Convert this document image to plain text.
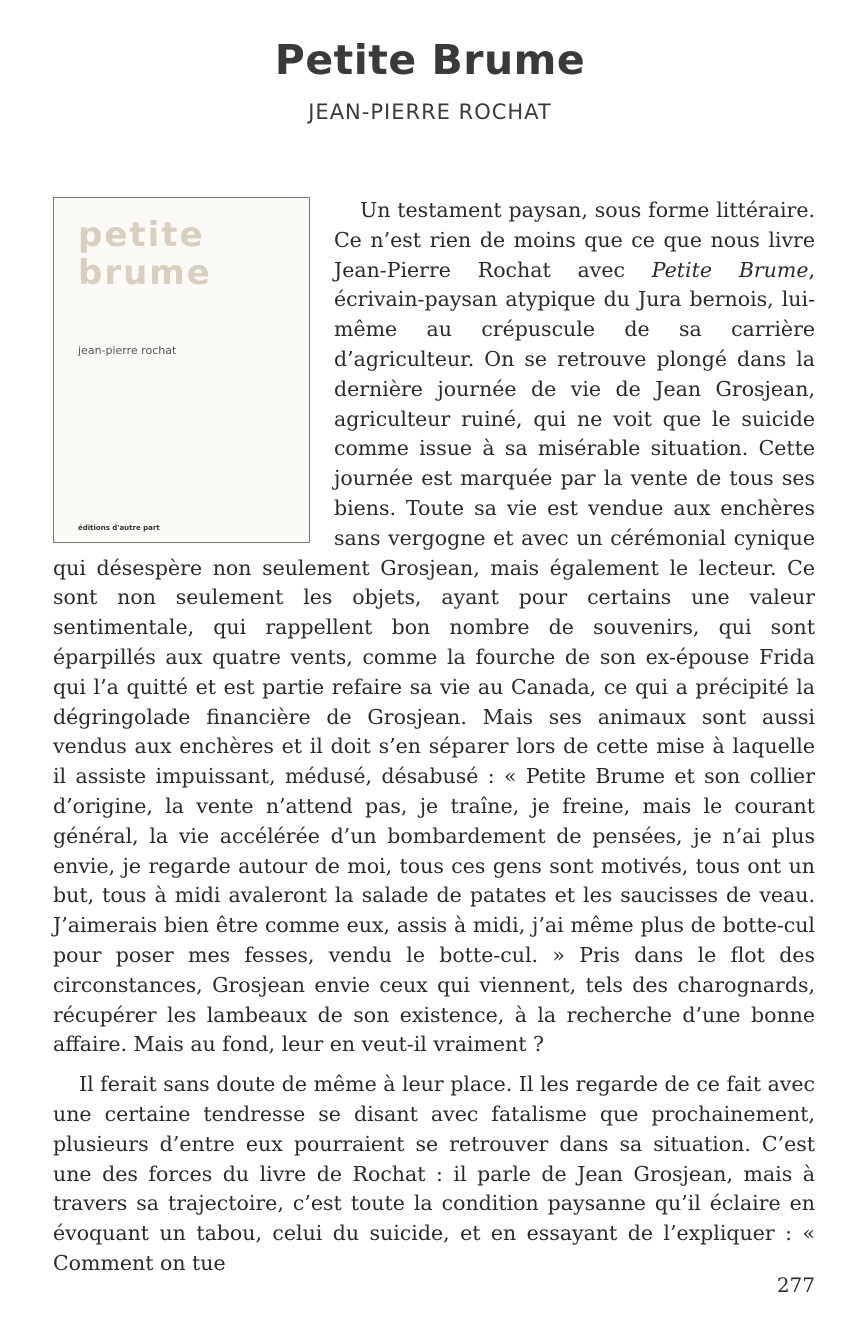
Petite Brume
JEAN-PIERRE ROCHAT
petite
brume
jean-pierre rochat
éditions d'autre part

Un testament paysan, sous forme littéraire. Ce n’est rien de moins que ce que nous livre Jean-Pierre Rochat avec Petite Brume, écrivain-paysan atypique du Jura bernois, lui-même au crépuscule de sa carrière d’agriculteur. On se retrouve plongé dans la dernière journée de vie de Jean Grosjean, agriculteur ruiné, qui ne voit que le suicide comme issue à sa misérable situation. Cette journée est marquée par la vente de tous ses biens. Toute sa vie est vendue aux enchères sans vergogne et avec un cérémonial cynique qui désespère non seulement Grosjean, mais également le lecteur. Ce sont non seulement les objets, ayant pour certains une valeur sentimentale, qui rappellent bon nombre de souvenirs, qui sont éparpillés aux quatre vents, comme la fourche de son ex-épouse Frida qui l’a quitté et est partie refaire sa vie au Canada, ce qui a précipité la dégringolade financière de Grosjean. Mais ses animaux sont aussi vendus aux enchères et il doit s’en séparer lors de cette mise à laquelle il assiste impuissant, médusé, désabusé : « Petite Brume et son collier d’origine, la vente n’attend pas, je traîne, je freine, mais le courant général, la vie accélérée d’un bombardement de pensées, je n’ai plus envie, je regarde autour de moi, tous ces gens sont motivés, tous ont un but, tous à midi avaleront la salade de patates et les saucisses de veau. J’aimerais bien être comme eux, assis à midi, j’ai même plus de botte-cul pour poser mes fesses, vendu le botte-cul. » Pris dans le flot des circonstances, Grosjean envie ceux qui viennent, tels des charognards, récupérer les lambeaux de son existence, à la recherche d’une bonne affaire. Mais au fond, leur en veut-il vraiment ?

Il ferait sans doute de même à leur place. Il les regarde de ce fait avec une certaine tendresse se disant avec fatalisme que prochainement, plusieurs d’entre eux pourraient se retrouver dans sa situation. C’est une des forces du livre de Rochat : il parle de Jean Grosjean, mais à travers sa trajectoire, c’est toute la condition paysanne qu’il éclaire en évoquant un tabou, celui du suicide, et en essayant de l’expliquer : « Comment on tue

277
